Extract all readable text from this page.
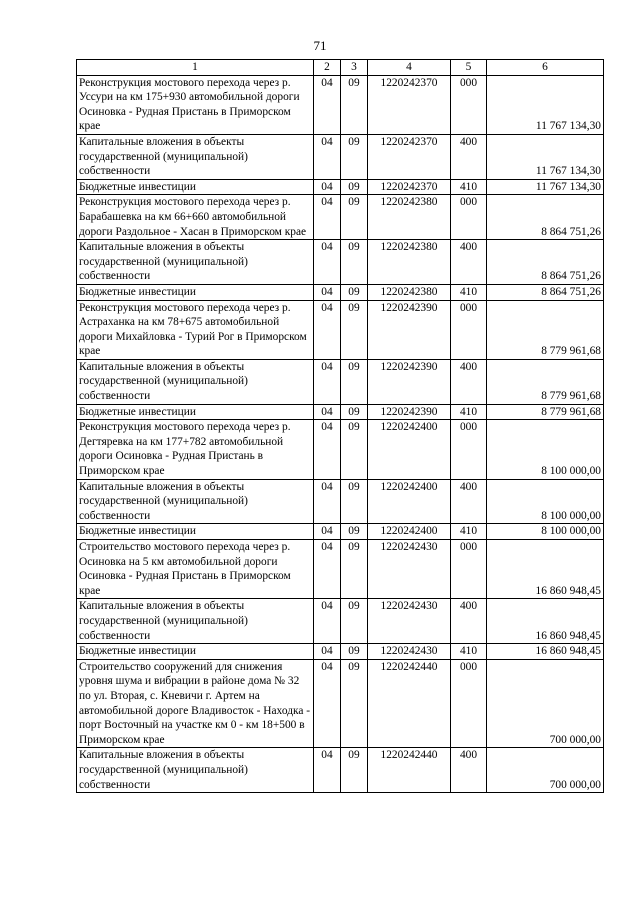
71
1	2	3	4	5	6
Реконструкция мостового перехода через р. Уссури на км 175+930 автомобильной дороги Осиновка - Рудная Пристань в Приморском крае	04	09	1220242370	000	11 767 134,30
Капитальные вложения в объекты государственной (муниципальной) собственности	04	09	1220242370	400	11 767 134,30
Бюджетные инвестиции	04	09	1220242370	410	11 767 134,30
Реконструкция мостового перехода через р. Барабашевка на км 66+660 автомобильной дороги Раздольное - Хасан в Приморском крае	04	09	1220242380	000	8 864 751,26
Капитальные вложения в объекты государственной (муниципальной) собственности	04	09	1220242380	400	8 864 751,26
Бюджетные инвестиции	04	09	1220242380	410	8 864 751,26
Реконструкция мостового перехода через р. Астраханка на км 78+675 автомобильной дороги Михайловка - Турий Рог в Приморском крае	04	09	1220242390	000	8 779 961,68
Капитальные вложения в объекты государственной (муниципальной) собственности	04	09	1220242390	400	8 779 961,68
Бюджетные инвестиции	04	09	1220242390	410	8 779 961,68
Реконструкция мостового перехода через р. Дегтяревка на км 177+782 автомобильной дороги Осиновка - Рудная Пристань в Приморском крае	04	09	1220242400	000	8 100 000,00
Капитальные вложения в объекты государственной (муниципальной) собственности	04	09	1220242400	400	8 100 000,00
Бюджетные инвестиции	04	09	1220242400	410	8 100 000,00
Строительство мостового перехода через р. Осиновка на 5 км автомобильной дороги Осиновка - Рудная Пристань в Приморском крае	04	09	1220242430	000	16 860 948,45
Капитальные вложения в объекты государственной (муниципальной) собственности	04	09	1220242430	400	16 860 948,45
Бюджетные инвестиции	04	09	1220242430	410	16 860 948,45
Строительство сооружений для снижения уровня шума и вибрации в районе дома № 32 по ул. Вторая, с. Кневичи г. Артем на автомобильной дороге Владивосток - Находка - порт Восточный на участке км 0 - км 18+500 в Приморском крае	04	09	1220242440	000	700 000,00
Капитальные вложения в объекты государственной (муниципальной) собственности	04	09	1220242440	400	700 000,00
